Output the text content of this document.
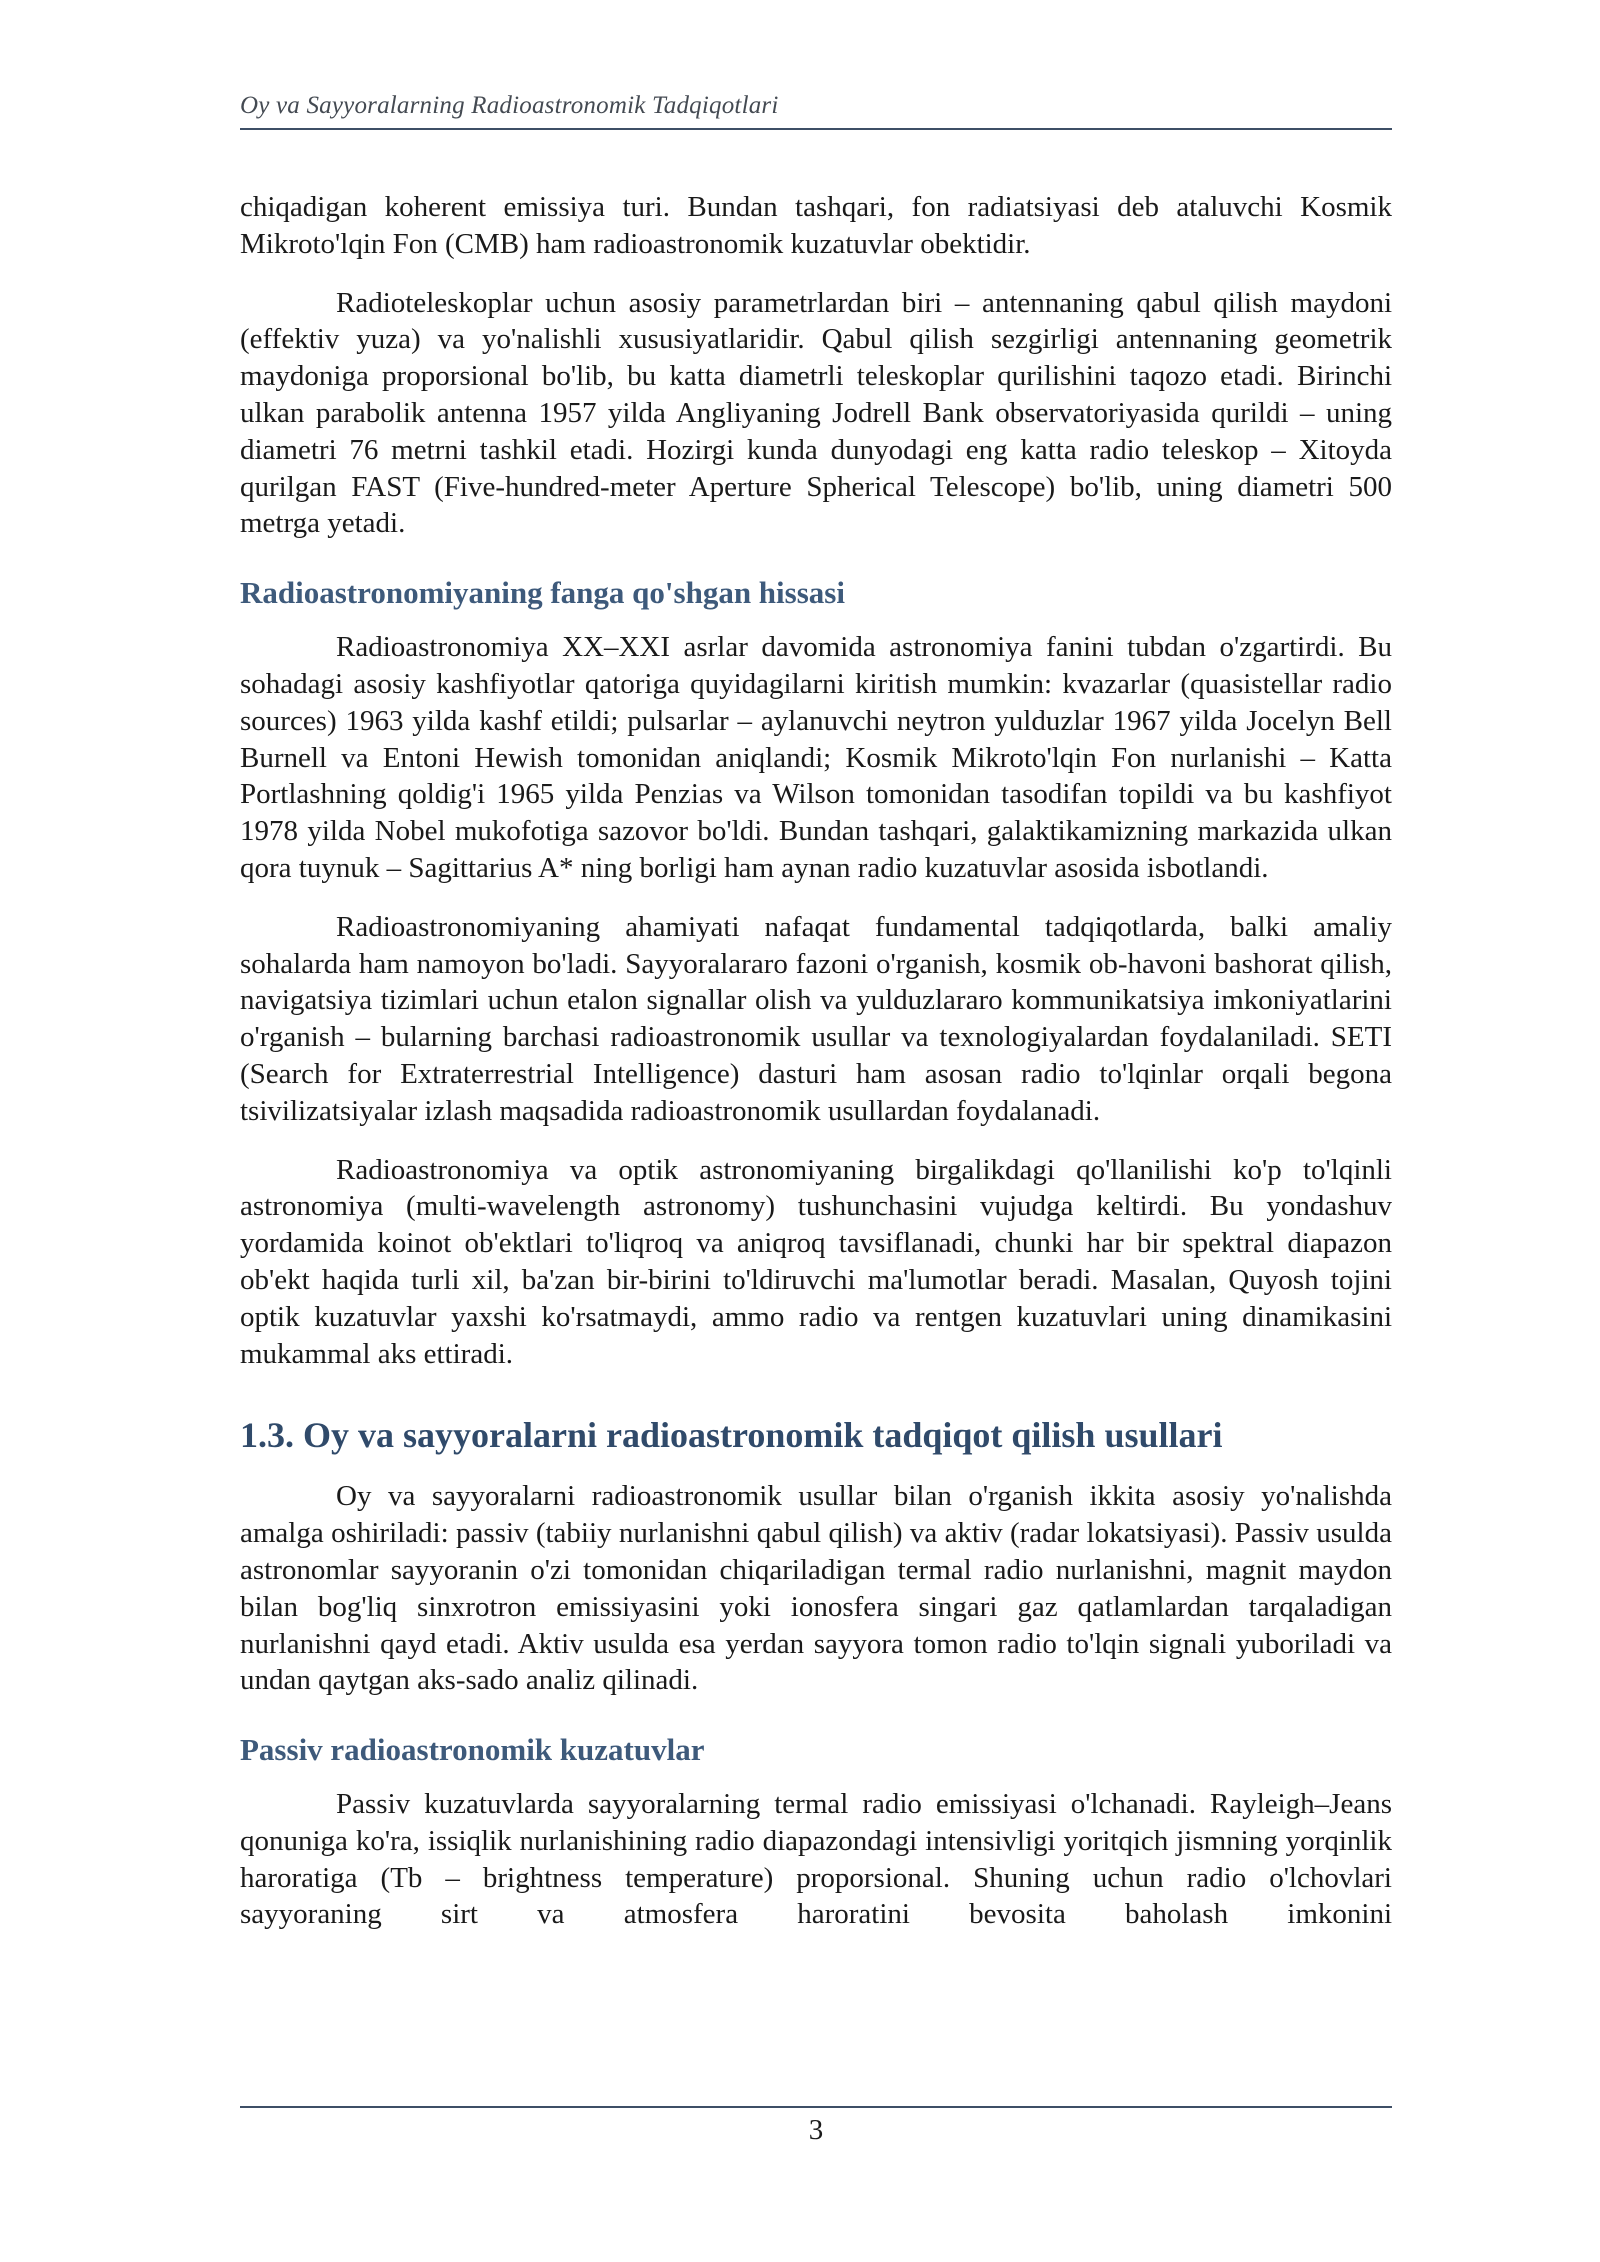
Oy va Sayyoralarning Radioastronomik Tadqiqotlari

chiqadigan koherent emissiya turi. Bundan tashqari, fon radiatsiyasi deb ataluvchi Kosmik Mikroto'lqin Fon (CMB) ham radioastronomik kuzatuvlar obektidir.

Radioteleskoplar uchun asosiy parametrlardan biri – antennaning qabul qilish maydoni (effektiv yuza) va yo'nalishli xususiyatlaridir. Qabul qilish sezgirligi antennaning geometrik maydoniga proporsional bo'lib, bu katta diametrli teleskoplar qurilishini taqozo etadi. Birinchi ulkan parabolik antenna 1957 yilda Angliyaning Jodrell Bank observatoriyasida qurildi – uning diametri 76 metrni tashkil etadi. Hozirgi kunda dunyodagi eng katta radio teleskop – Xitoyda qurilgan FAST (Five-hundred-meter Aperture Spherical Telescope) bo'lib, uning diametri 500 metrga yetadi.

Radioastronomiyaning fanga qo'shgan hissasi

Radioastronomiya XX–XXI asrlar davomida astronomiya fanini tubdan o'zgartirdi. Bu sohadagi asosiy kashfiyotlar qatoriga quyidagilarni kiritish mumkin: kvazarlar (quasistellar radio sources) 1963 yilda kashf etildi; pulsarlar – aylanuvchi neytron yulduzlar 1967 yilda Jocelyn Bell Burnell va Entoni Hewish tomonidan aniqlandi; Kosmik Mikroto'lqin Fon nurlanishi – Katta Portlashning qoldig'i 1965 yilda Penzias va Wilson tomonidan tasodifan topildi va bu kashfiyot 1978 yilda Nobel mukofotiga sazovor bo'ldi. Bundan tashqari, galaktikamizning markazida ulkan qora tuynuk – Sagittarius A* ning borligi ham aynan radio kuzatuvlar asosida isbotlandi.

Radioastronomiyaning ahamiyati nafaqat fundamental tadqiqotlarda, balki amaliy sohalarda ham namoyon bo'ladi. Sayyoralararo fazoni o'rganish, kosmik ob-havoni bashorat qilish, navigatsiya tizimlari uchun etalon signallar olish va yulduzlararo kommunikatsiya imkoniyatlarini o'rganish – bularning barchasi radioastronomik usullar va texnologiyalardan foydalaniladi. SETI (Search for Extraterrestrial Intelligence) dasturi ham asosan radio to'lqinlar orqali begona tsivilizatsiyalar izlash maqsadida radioastronomik usullardan foydalanadi.

Radioastronomiya va optik astronomiyaning birgalikdagi qo'llanilishi ko'p to'lqinli astronomiya (multi-wavelength astronomy) tushunchasini vujudga keltirdi. Bu yondashuv yordamida koinot ob'ektlari to'liqroq va aniqroq tavsiflanadi, chunki har bir spektral diapazon ob'ekt haqida turli xil, ba'zan bir-birini to'ldiruvchi ma'lumotlar beradi. Masalan, Quyosh tojini optik kuzatuvlar yaxshi ko'rsatmaydi, ammo radio va rentgen kuzatuvlari uning dinamikasini mukammal aks ettiradi.

1.3. Oy va sayyoralarni radioastronomik tadqiqot qilish usullari

Oy va sayyoralarni radioastronomik usullar bilan o'rganish ikkita asosiy yo'nalishda amalga oshiriladi: passiv (tabiiy nurlanishni qabul qilish) va aktiv (radar lokatsiyasi). Passiv usulda astronomlar sayyoranin o'zi tomonidan chiqariladigan termal radio nurlanishni, magnit maydon bilan bog'liq sinxrotron emissiyasini yoki ionosfera singari gaz qatlamlardan tarqaladigan nurlanishni qayd etadi. Aktiv usulda esa yerdan sayyora tomon radio to'lqin signali yuboriladi va undan qaytgan aks-sado analiz qilinadi.

Passiv radioastronomik kuzatuvlar

Passiv kuzatuvlarda sayyoralarning termal radio emissiyasi o'lchanadi. Rayleigh–Jeans qonuniga ko'ra, issiqlik nurlanishining radio diapazondagi intensivligi yoritqich jismning yorqinlik haroratiga (Tb – brightness temperature) proporsional. Shuning uchun radio o'lchovlari sayyoraning sirt va atmosfera haroratini bevosita baholash imkonini

3
